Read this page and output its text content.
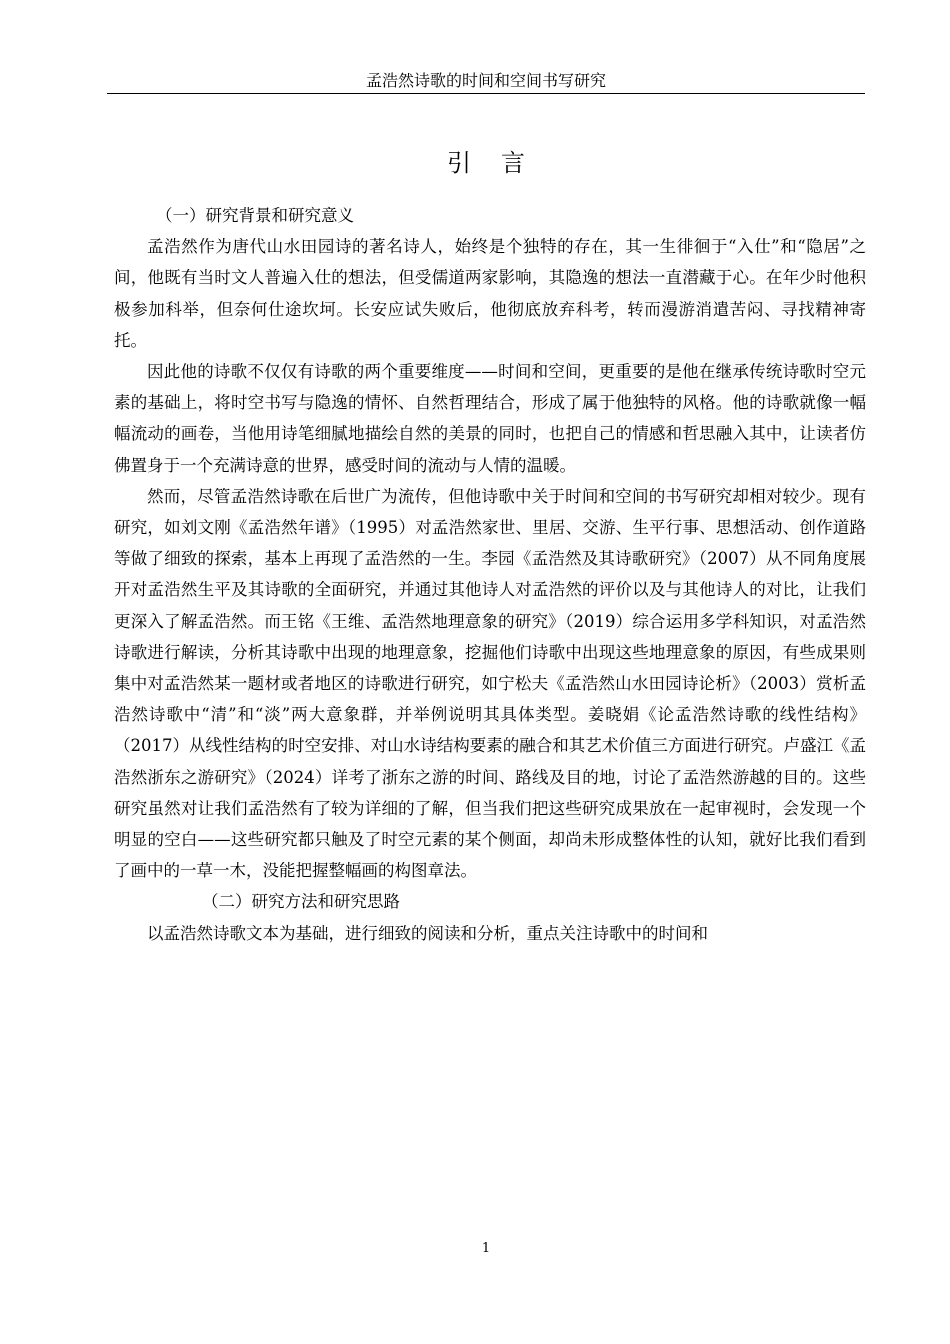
孟浩然诗歌的时间和空间书写研究
引言
（一）研究背景和研究意义

孟浩然作为唐代山水田园诗的著名诗人，始终是个独特的存在，其一生徘徊于“入仕”和“隐居”之间，他既有当时文人普遍入仕的想法，但受儒道两家影响，其隐逸的想法一直潜藏于心。在年少时他积极参加科举，但奈何仕途坎坷。长安应试失败后，他彻底放弃科考，转而漫游消遣苦闷、寻找精神寄托。

因此他的诗歌不仅仅有诗歌的两个重要维度——时间和空间，更重要的是他在继承传统诗歌时空元素的基础上，将时空书写与隐逸的情怀、自然哲理结合，形成了属于他独特的风格。他的诗歌就像一幅幅流动的画卷，当他用诗笔细腻地描绘自然的美景的同时，也把自己的情感和哲思融入其中，让读者仿佛置身于一个充满诗意的世界，感受时间的流动与人情的温暖。

然而，尽管孟浩然诗歌在后世广为流传，但他诗歌中关于时间和空间的书写研究却相对较少。现有研究，如刘文刚《孟浩然年谱》（1995）对孟浩然家世、里居、交游、生平行事、思想活动、创作道路等做了细致的探索，基本上再现了孟浩然的一生。李园《孟浩然及其诗歌研究》（2007）从不同角度展开对孟浩然生平及其诗歌的全面研究，并通过其他诗人对孟浩然的评价以及与其他诗人的对比，让我们更深入了解孟浩然。而王铭《王维、孟浩然地理意象的研究》（2019）综合运用多学科知识，对孟浩然诗歌进行解读，分析其诗歌中出现的地理意象，挖掘他们诗歌中出现这些地理意象的原因，有些成果则集中对孟浩然某一题材或者地区的诗歌进行研究，如宁松夫《孟浩然山水田园诗论析》（2003）赏析孟浩然诗歌中“清”和“淡”两大意象群，并举例说明其具体类型。姜晓娟《论孟浩然诗歌的线性结构》（2017）从线性结构的时空安排、对山水诗结构要素的融合和其艺术价值三方面进行研究。卢盛江《孟浩然浙东之游研究》（2024）详考了浙东之游的时间、路线及目的地，讨论了孟浩然游越的目的。这些研究虽然对让我们孟浩然有了较为详细的了解，但当我们把这些研究成果放在一起审视时，会发现一个明显的空白——这些研究都只触及了时空元素的某个侧面，却尚未形成整体性的认知，就好比我们看到了画中的一草一木，没能把握整幅画的构图章法。

（二）研究方法和研究思路

以孟浩然诗歌文本为基础，进行细致的阅读和分析，重点关注诗歌中的时间和

1
